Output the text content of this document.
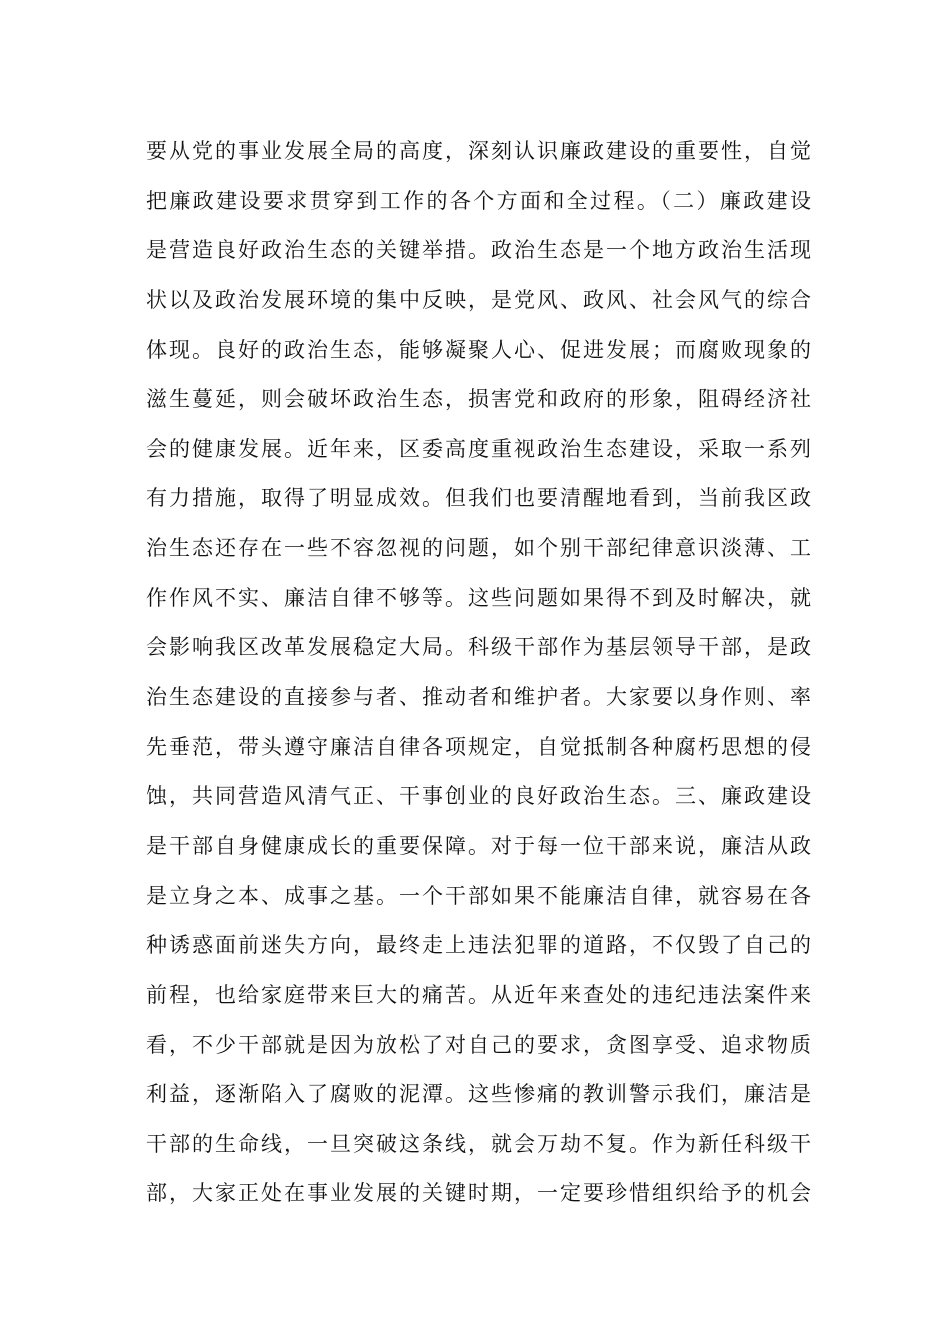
要从党的事业发展全局的高度，深刻认识廉政建设的重要性，自觉
把廉政建设要求贯穿到工作的各个方面和全过程。（二）廉政建设
是营造良好政治生态的关键举措。政治生态是一个地方政治生活现
状以及政治发展环境的集中反映，是党风、政风、社会风气的综合
体现。良好的政治生态，能够凝聚人心、促进发展；而腐败现象的
滋生蔓延，则会破坏政治生态，损害党和政府的形象，阻碍经济社
会的健康发展。近年来，区委高度重视政治生态建设，采取一系列
有力措施，取得了明显成效。但我们也要清醒地看到，当前我区政
治生态还存在一些不容忽视的问题，如个别干部纪律意识淡薄、工
作作风不实、廉洁自律不够等。这些问题如果得不到及时解决，就
会影响我区改革发展稳定大局。科级干部作为基层领导干部，是政
治生态建设的直接参与者、推动者和维护者。大家要以身作则、率
先垂范，带头遵守廉洁自律各项规定，自觉抵制各种腐朽思想的侵
蚀，共同营造风清气正、干事创业的良好政治生态。三、廉政建设
是干部自身健康成长的重要保障。对于每一位干部来说，廉洁从政
是立身之本、成事之基。一个干部如果不能廉洁自律，就容易在各
种诱惑面前迷失方向，最终走上违法犯罪的道路，不仅毁了自己的
前程，也给家庭带来巨大的痛苦。从近年来查处的违纪违法案件来
看，不少干部就是因为放松了对自己的要求，贪图享受、追求物质
利益，逐渐陷入了腐败的泥潭。这些惨痛的教训警示我们，廉洁是
干部的生命线，一旦突破这条线，就会万劫不复。作为新任科级干
部，大家正处在事业发展的关键时期，一定要珍惜组织给予的机会
